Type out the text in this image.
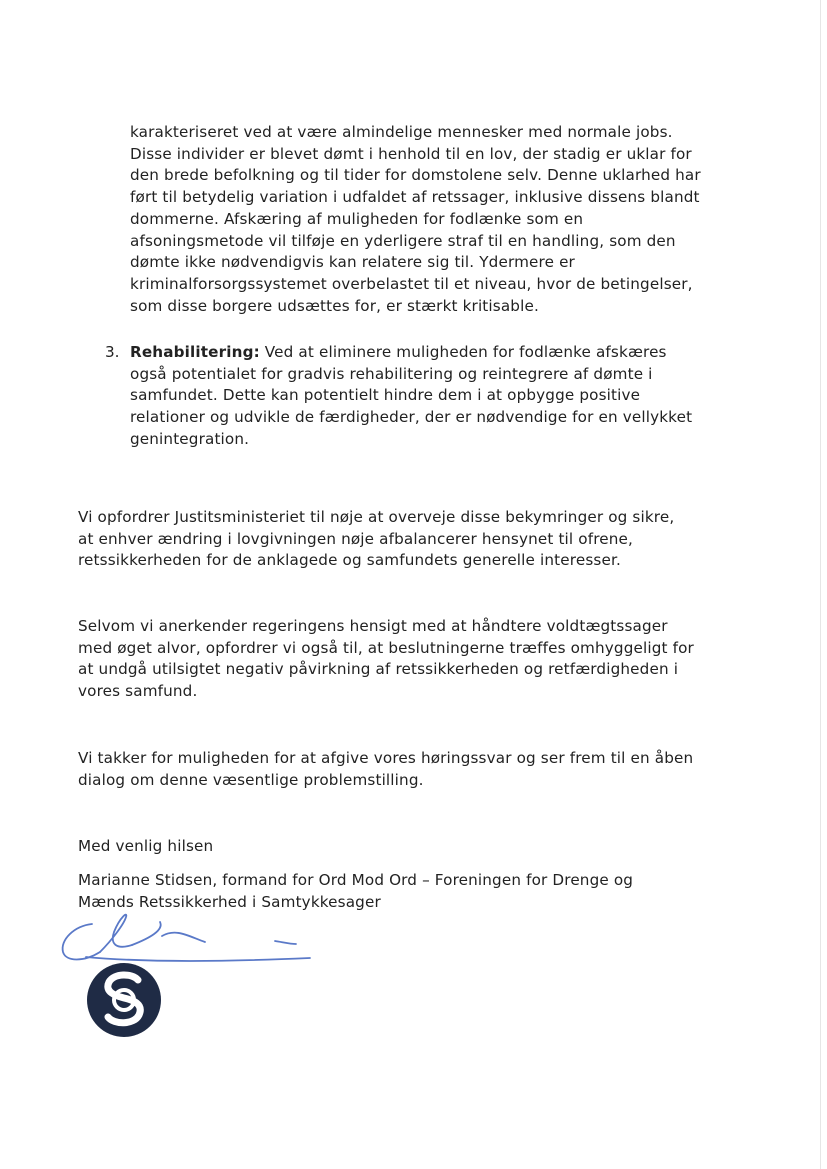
karakteriseret ved at være almindelige mennesker med normale jobs.
Disse individer er blevet dømt i henhold til en lov, der stadig er uklar for
den brede befolkning og til tider for domstolene selv. Denne uklarhed har
ført til betydelig variation i udfaldet af retssager, inklusive dissens blandt
dommerne. Afskæring af muligheden for fodlænke som en
afsoningsmetode vil tilføje en yderligere straf til en handling, som den
dømte ikke nødvendigvis kan relatere sig til. Ydermere er
kriminalforsorgssystemet overbelastet til et niveau, hvor de betingelser,
som disse borgere udsættes for, er stærkt kritisable.
3. Rehabilitering: Ved at eliminere muligheden for fodlænke afskæres
også potentialet for gradvis rehabilitering og reintegrere af dømte i
samfundet. Dette kan potentielt hindre dem i at opbygge positive
relationer og udvikle de færdigheder, der er nødvendige for en vellykket
genintegration.
Vi opfordrer Justitsministeriet til nøje at overveje disse bekymringer og sikre,
at enhver ændring i lovgivningen nøje afbalancerer hensynet til ofrene,
retssikkerheden for de anklagede og samfundets generelle interesser.
Selvom vi anerkender regeringens hensigt med at håndtere voldtægtssager
med øget alvor, opfordrer vi også til, at beslutningerne træffes omhyggeligt for
at undgå utilsigtet negativ påvirkning af retssikkerheden og retfærdigheden i
vores samfund.
Vi takker for muligheden for at afgive vores høringssvar og ser frem til en åben
dialog om denne væsentlige problemstilling.
Med venlig hilsen
Marianne Stidsen, formand for Ord Mod Ord – Foreningen for Drenge og
Mænds Retssikkerhed i Samtykkesager
